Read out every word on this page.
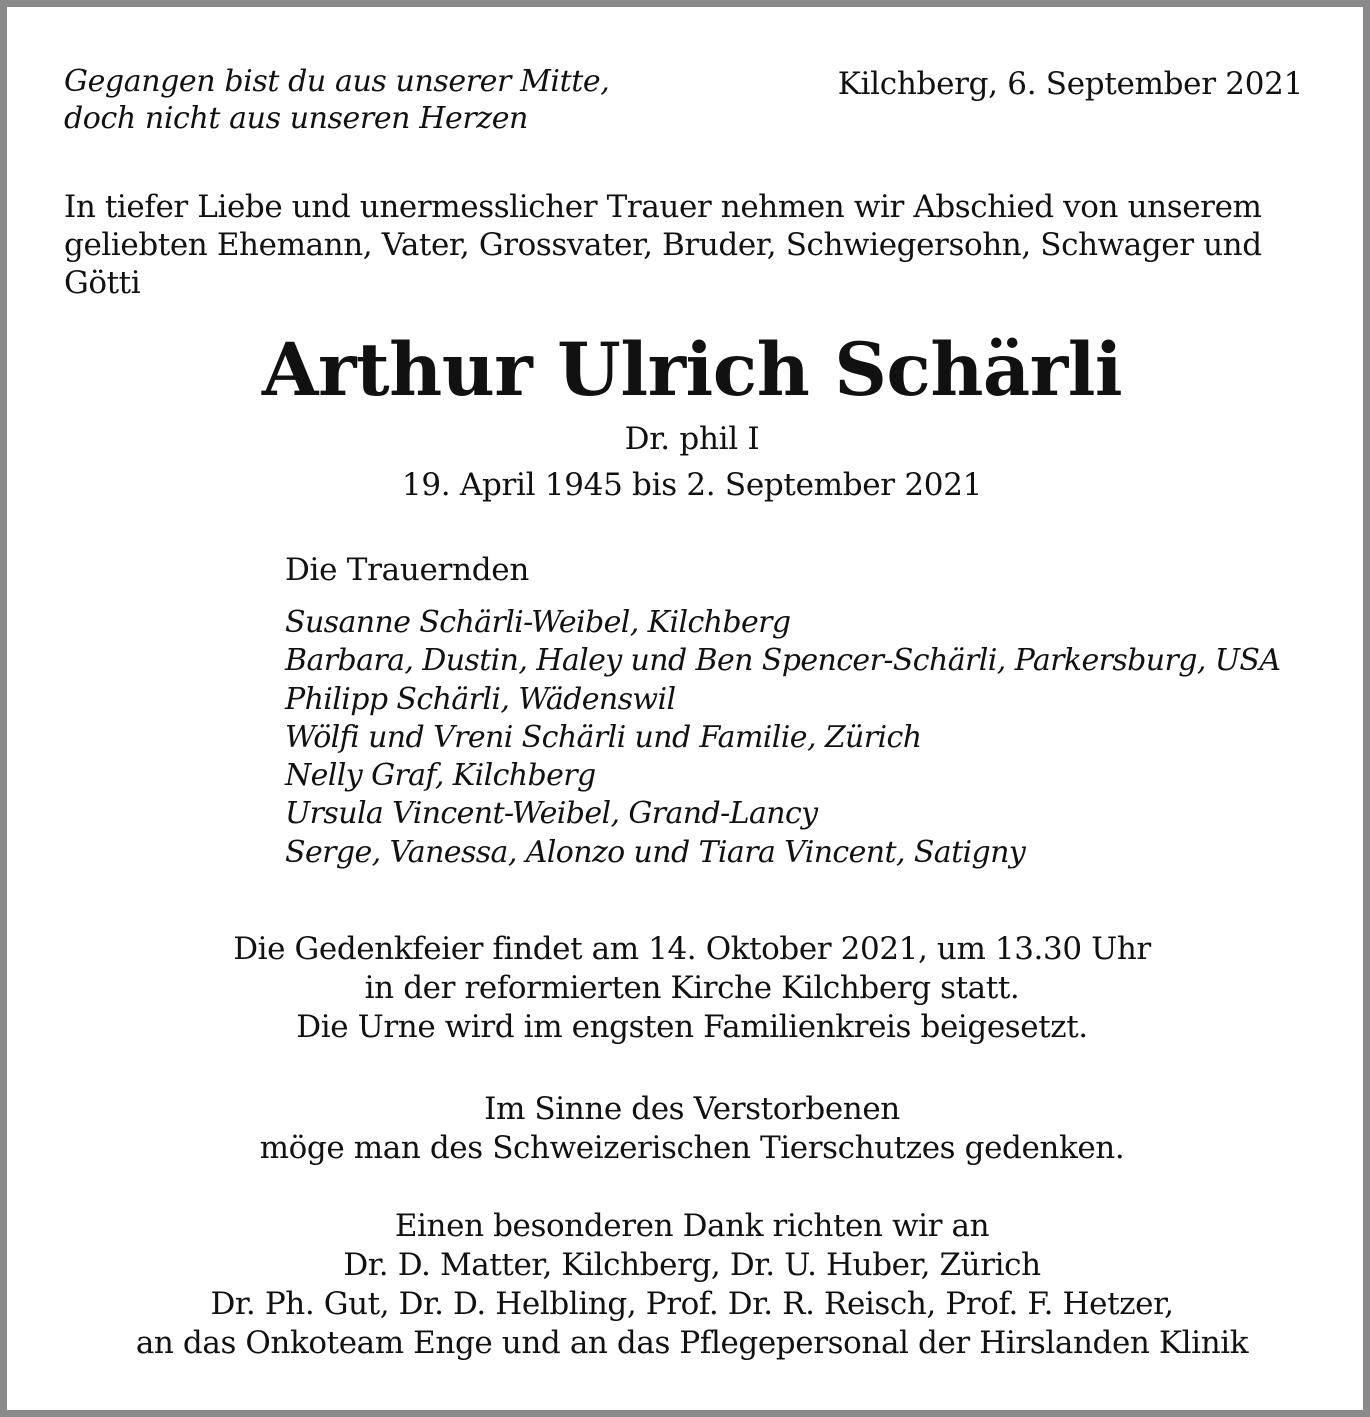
Gegangen bist du aus unserer Mitte,
doch nicht aus unseren Herzen
Kilchberg, 6. September 2021
In tiefer Liebe und unermesslicher Trauer nehmen wir Abschied von unserem geliebten Ehemann, Vater, Grossvater, Bruder, Schwiegersohn, Schwager und Götti
Arthur Ulrich Schärli
Dr. phil I
19. April 1945 bis 2. September 2021
Die Trauernden
Susanne Schärli-Weibel, Kilchberg
Barbara, Dustin, Haley und Ben Spencer-Schärli, Parkersburg, USA
Philipp Schärli, Wädenswil
Wölfi und Vreni Schärli und Familie, Zürich
Nelly Graf, Kilchberg
Ursula Vincent-Weibel, Grand-Lancy
Serge, Vanessa, Alonzo und Tiara Vincent, Satigny
Die Gedenkfeier findet am 14. Oktober 2021, um 13.30 Uhr
in der reformierten Kirche Kilchberg statt.
Die Urne wird im engsten Familienkreis beigesetzt.
Im Sinne des Verstorbenen
möge man des Schweizerischen Tierschutzes gedenken.
Einen besonderen Dank richten wir an
Dr. D. Matter, Kilchberg, Dr. U. Huber, Zürich
Dr. Ph. Gut, Dr. D. Helbling, Prof. Dr. R. Reisch, Prof. F. Hetzer,
an das Onkoteam Enge und an das Pflegepersonal der Hirslanden Klinik
